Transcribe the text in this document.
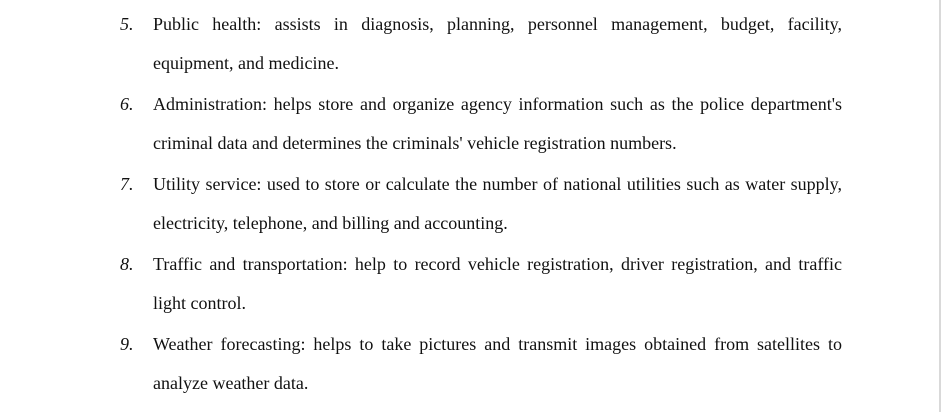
5. Public health: assists in diagnosis, planning, personnel management, budget, facility, equipment, and medicine.
6. Administration: helps store and organize agency information such as the police department's criminal data and determines the criminals' vehicle registration numbers.
7. Utility service: used to store or calculate the number of national utilities such as water supply, electricity, telephone, and billing and accounting.
8. Traffic and transportation: help to record vehicle registration, driver registration, and traffic light control.
9. Weather forecasting: helps to take pictures and transmit images obtained from satellites to analyze weather data.
